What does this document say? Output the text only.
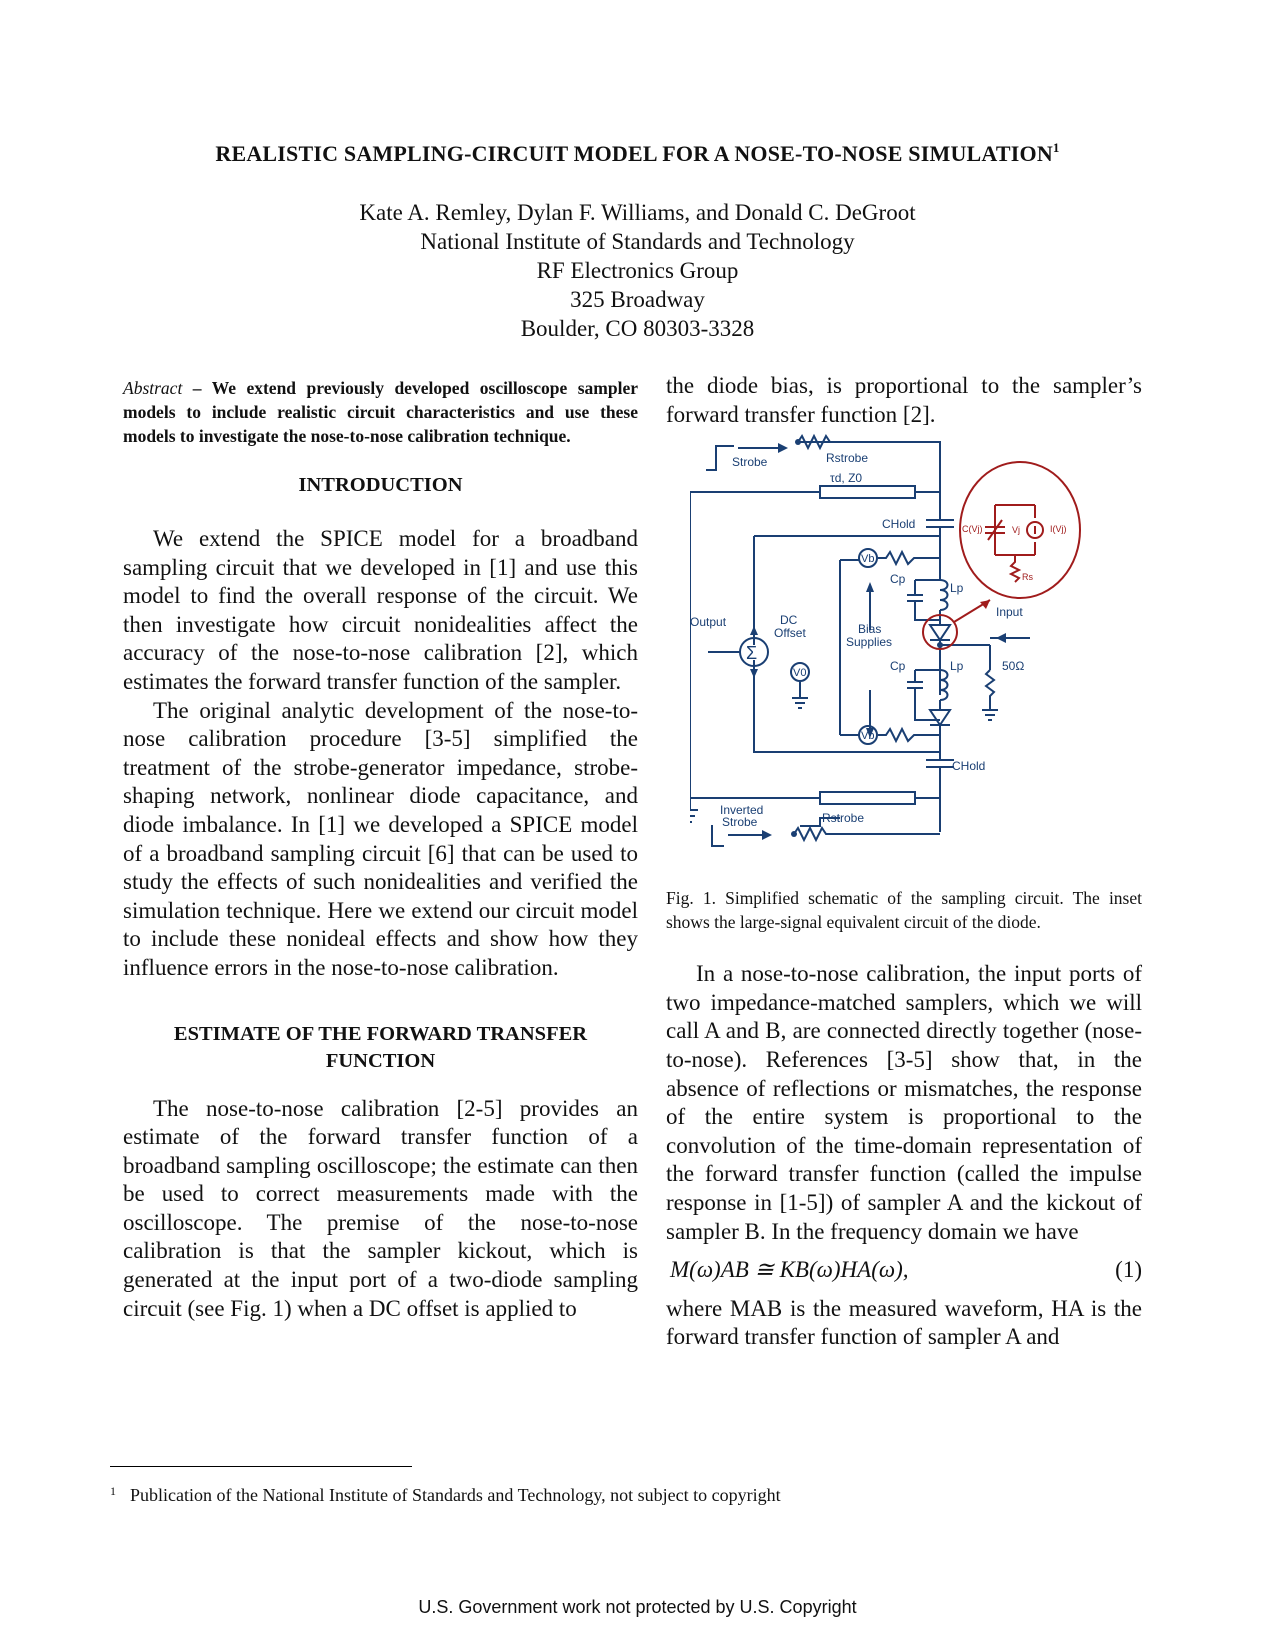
REALISTIC SAMPLING-CIRCUIT MODEL FOR A NOSE-TO-NOSE SIMULATION$^1$
Kate A. Remley, Dylan F. Williams, and Donald C. DeGroot
National Institute of Standards and Technology
RF Electronics Group
325 Broadway
Boulder, CO 80303-3328

Abstract – We extend previously developed oscilloscope sampler models to include realistic circuit characteristics and use these models to investigate the nose-to-nose calibration technique.

INTRODUCTION

We extend the SPICE model for a broadband sampling circuit that we developed in [1] and use this model to find the overall response of the circuit. We then investigate how circuit nonidealities affect the accuracy of the nose-to-nose calibration [2], which estimates the forward transfer function of the sampler.

The original analytic development of the nose-to-nose calibration procedure [3-5] simplified the treatment of the strobe-generator impedance, strobe-shaping network, nonlinear diode capacitance, and diode imbalance. In [1] we developed a SPICE model of a broadband sampling circuit [6] that can be used to study the effects of such nonidealities and verified the simulation technique. Here we extend our circuit model to include these nonideal effects and show how they influence errors in the nose-to-nose calibration.

ESTIMATE OF THE FORWARD TRANSFER FUNCTION

The nose-to-nose calibration [2-5] provides an estimate of the forward transfer function of a broadband sampling oscilloscope; the estimate can then be used to correct measurements made with the oscilloscope. The premise of the nose-to-nose calibration is that the sampler kickout, which is generated at the input port of a two-diode sampling circuit (see Fig. 1) when a DC offset is applied to

the diode bias, is proportional to the sampler’s forward transfer function [2].

Fig. 1. Simplified schematic of the sampling circuit. The inset shows the large-signal equivalent circuit of the diode.

In a nose-to-nose calibration, the input ports of two impedance-matched samplers, which we will call A and B, are connected directly together (nose-to-nose). References [3-5] show that, in the absence of reflections or mismatches, the response of the entire system is proportional to the convolution of the time-domain representation of the forward transfer function (called the impulse response in [1-5]) of sampler A and the kickout of sampler B. In the frequency domain we have

M(ω)AB ≅ KB(ω)HA(ω),	(1)

where MAB is the measured waveform, HA is the forward transfer function of sampler A and

Strobe	Rstrobe
τd, Z0
CHold	C(Vj)	I(Vj)
Vj
Rs
Vb
Cp
Lp
Input
Output
Σ
DC
Offset
V0
Bias
Supplies
Cp	Lp	50Ω
Vb
CHold
Inverted
Strobe	Rstrobe
$^1$ Publication of the National Institute of Standards and Technology, not subject to copyright
U.S. Government work not protected by U.S. Copyright
